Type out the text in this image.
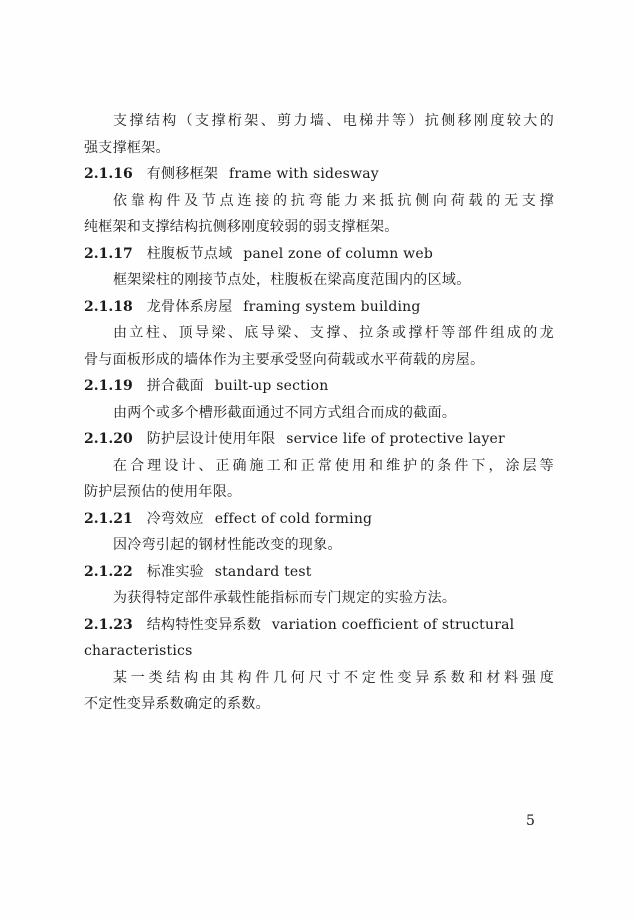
支撑结构（支撑桁架、剪力墙、电梯井等）抗侧移刚度较大的
强支撑框架。
2.1.16 有侧移框架 frame with sidesway
依靠构件及节点连接的抗弯能力来抵抗侧向荷载的无支撑
纯框架和支撑结构抗侧移刚度较弱的弱支撑框架。
2.1.17 柱腹板节点域 panel zone of column web
框架梁柱的刚接节点处，柱腹板在梁高度范围内的区域。
2.1.18 龙骨体系房屋 framing system building
由立柱、顶导梁、底导梁、支撑、拉条或撑杆等部件组成的龙
骨与面板形成的墙体作为主要承受竖向荷载或水平荷载的房屋。
2.1.19 拼合截面 built-up section
由两个或多个槽形截面通过不同方式组合而成的截面。
2.1.20 防护层设计使用年限 service life of protective layer
在合理设计、正确施工和正常使用和维护的条件下，涂层等
防护层预估的使用年限。
2.1.21 冷弯效应 effect of cold forming
因冷弯引起的钢材性能改变的现象。
2.1.22 标准实验 standard test
为获得特定部件承载性能指标而专门规定的实验方法。
2.1.23 结构特性变异系数 variation coefficient of structural
characteristics
某一类结构由其构件几何尺寸不定性变异系数和材料强度
不定性变异系数确定的系数。
5
